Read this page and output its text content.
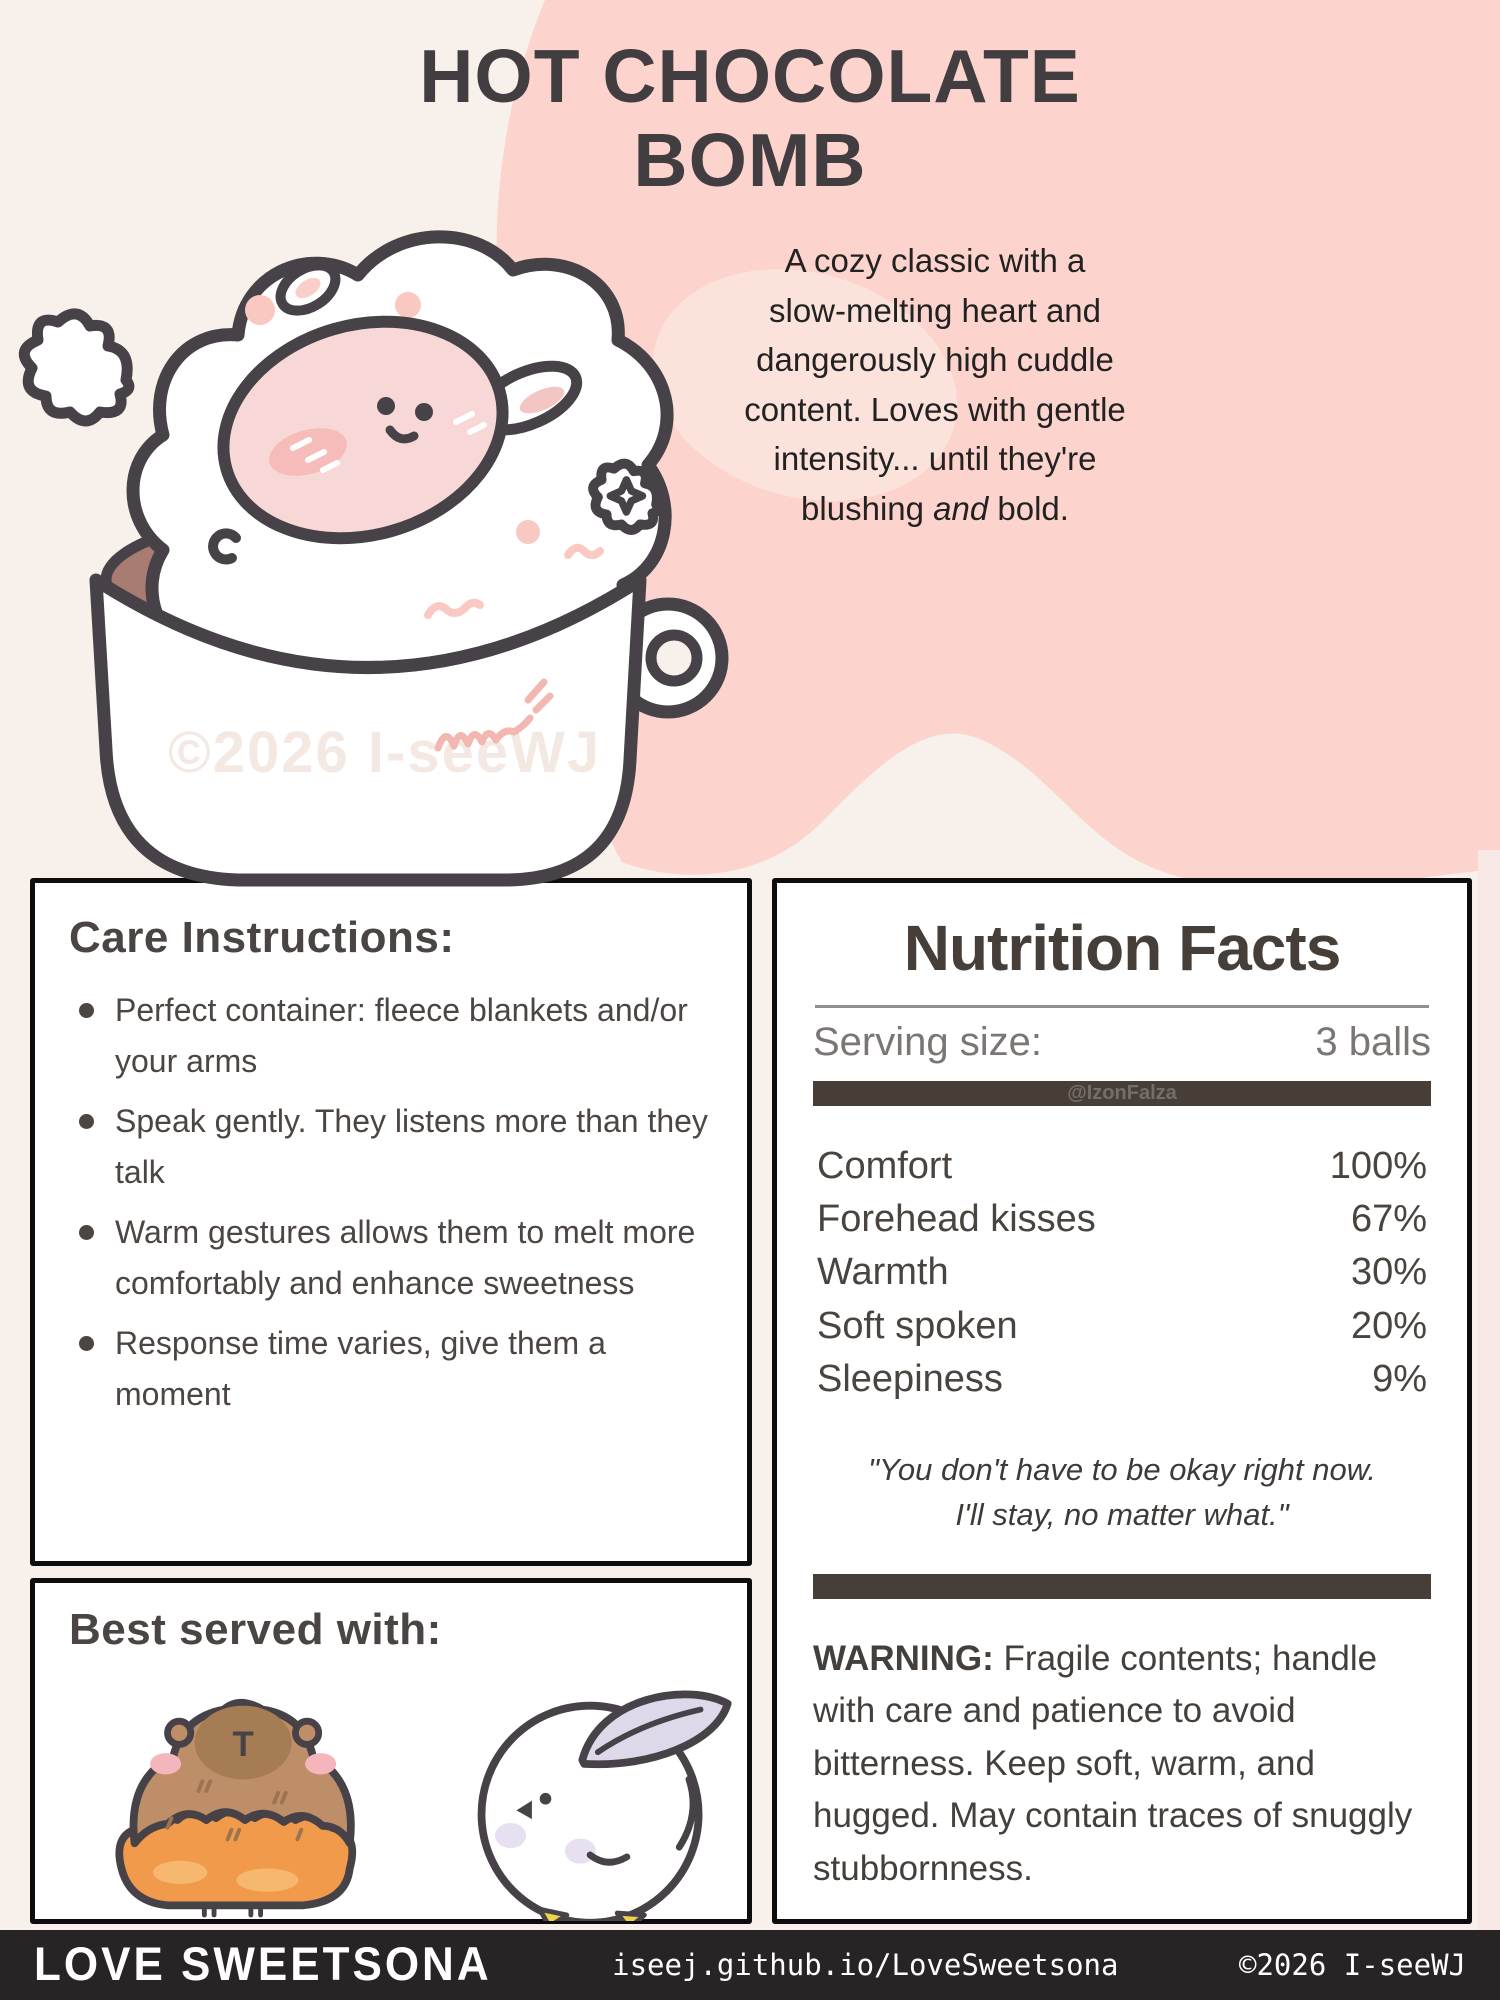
HOT CHOCOLATE
BOMB
A cozy classic with a
slow-melting heart and
dangerously high cuddle
content. Loves with gentle
intensity... until they're
blushing and bold.
©2026 I-seeWJ
Care Instructions:
Perfect container: fleece blankets and/or your arms
Speak gently. They listens more than they talk
Warm gestures allows them to melt more comfortably and enhance sweetness
Response time varies, give them a moment
Best served with:
T
Nutrition Facts
Serving size:	3 balls
@IzonFalza
Comfort	100%
Forehead kisses	67%
Warmth	30%
Soft spoken	20%
Sleepiness	9%
"You don't have to be okay right now.
I'll stay, no matter what."
WARNING: Fragile contents; handle with care and patience to avoid bitterness. Keep soft, warm, and hugged. May contain traces of snuggly stubbornness.
LOVE SWEETSONA	iseej.github.io/LoveSweetsona	©2026 I-seeWJ
